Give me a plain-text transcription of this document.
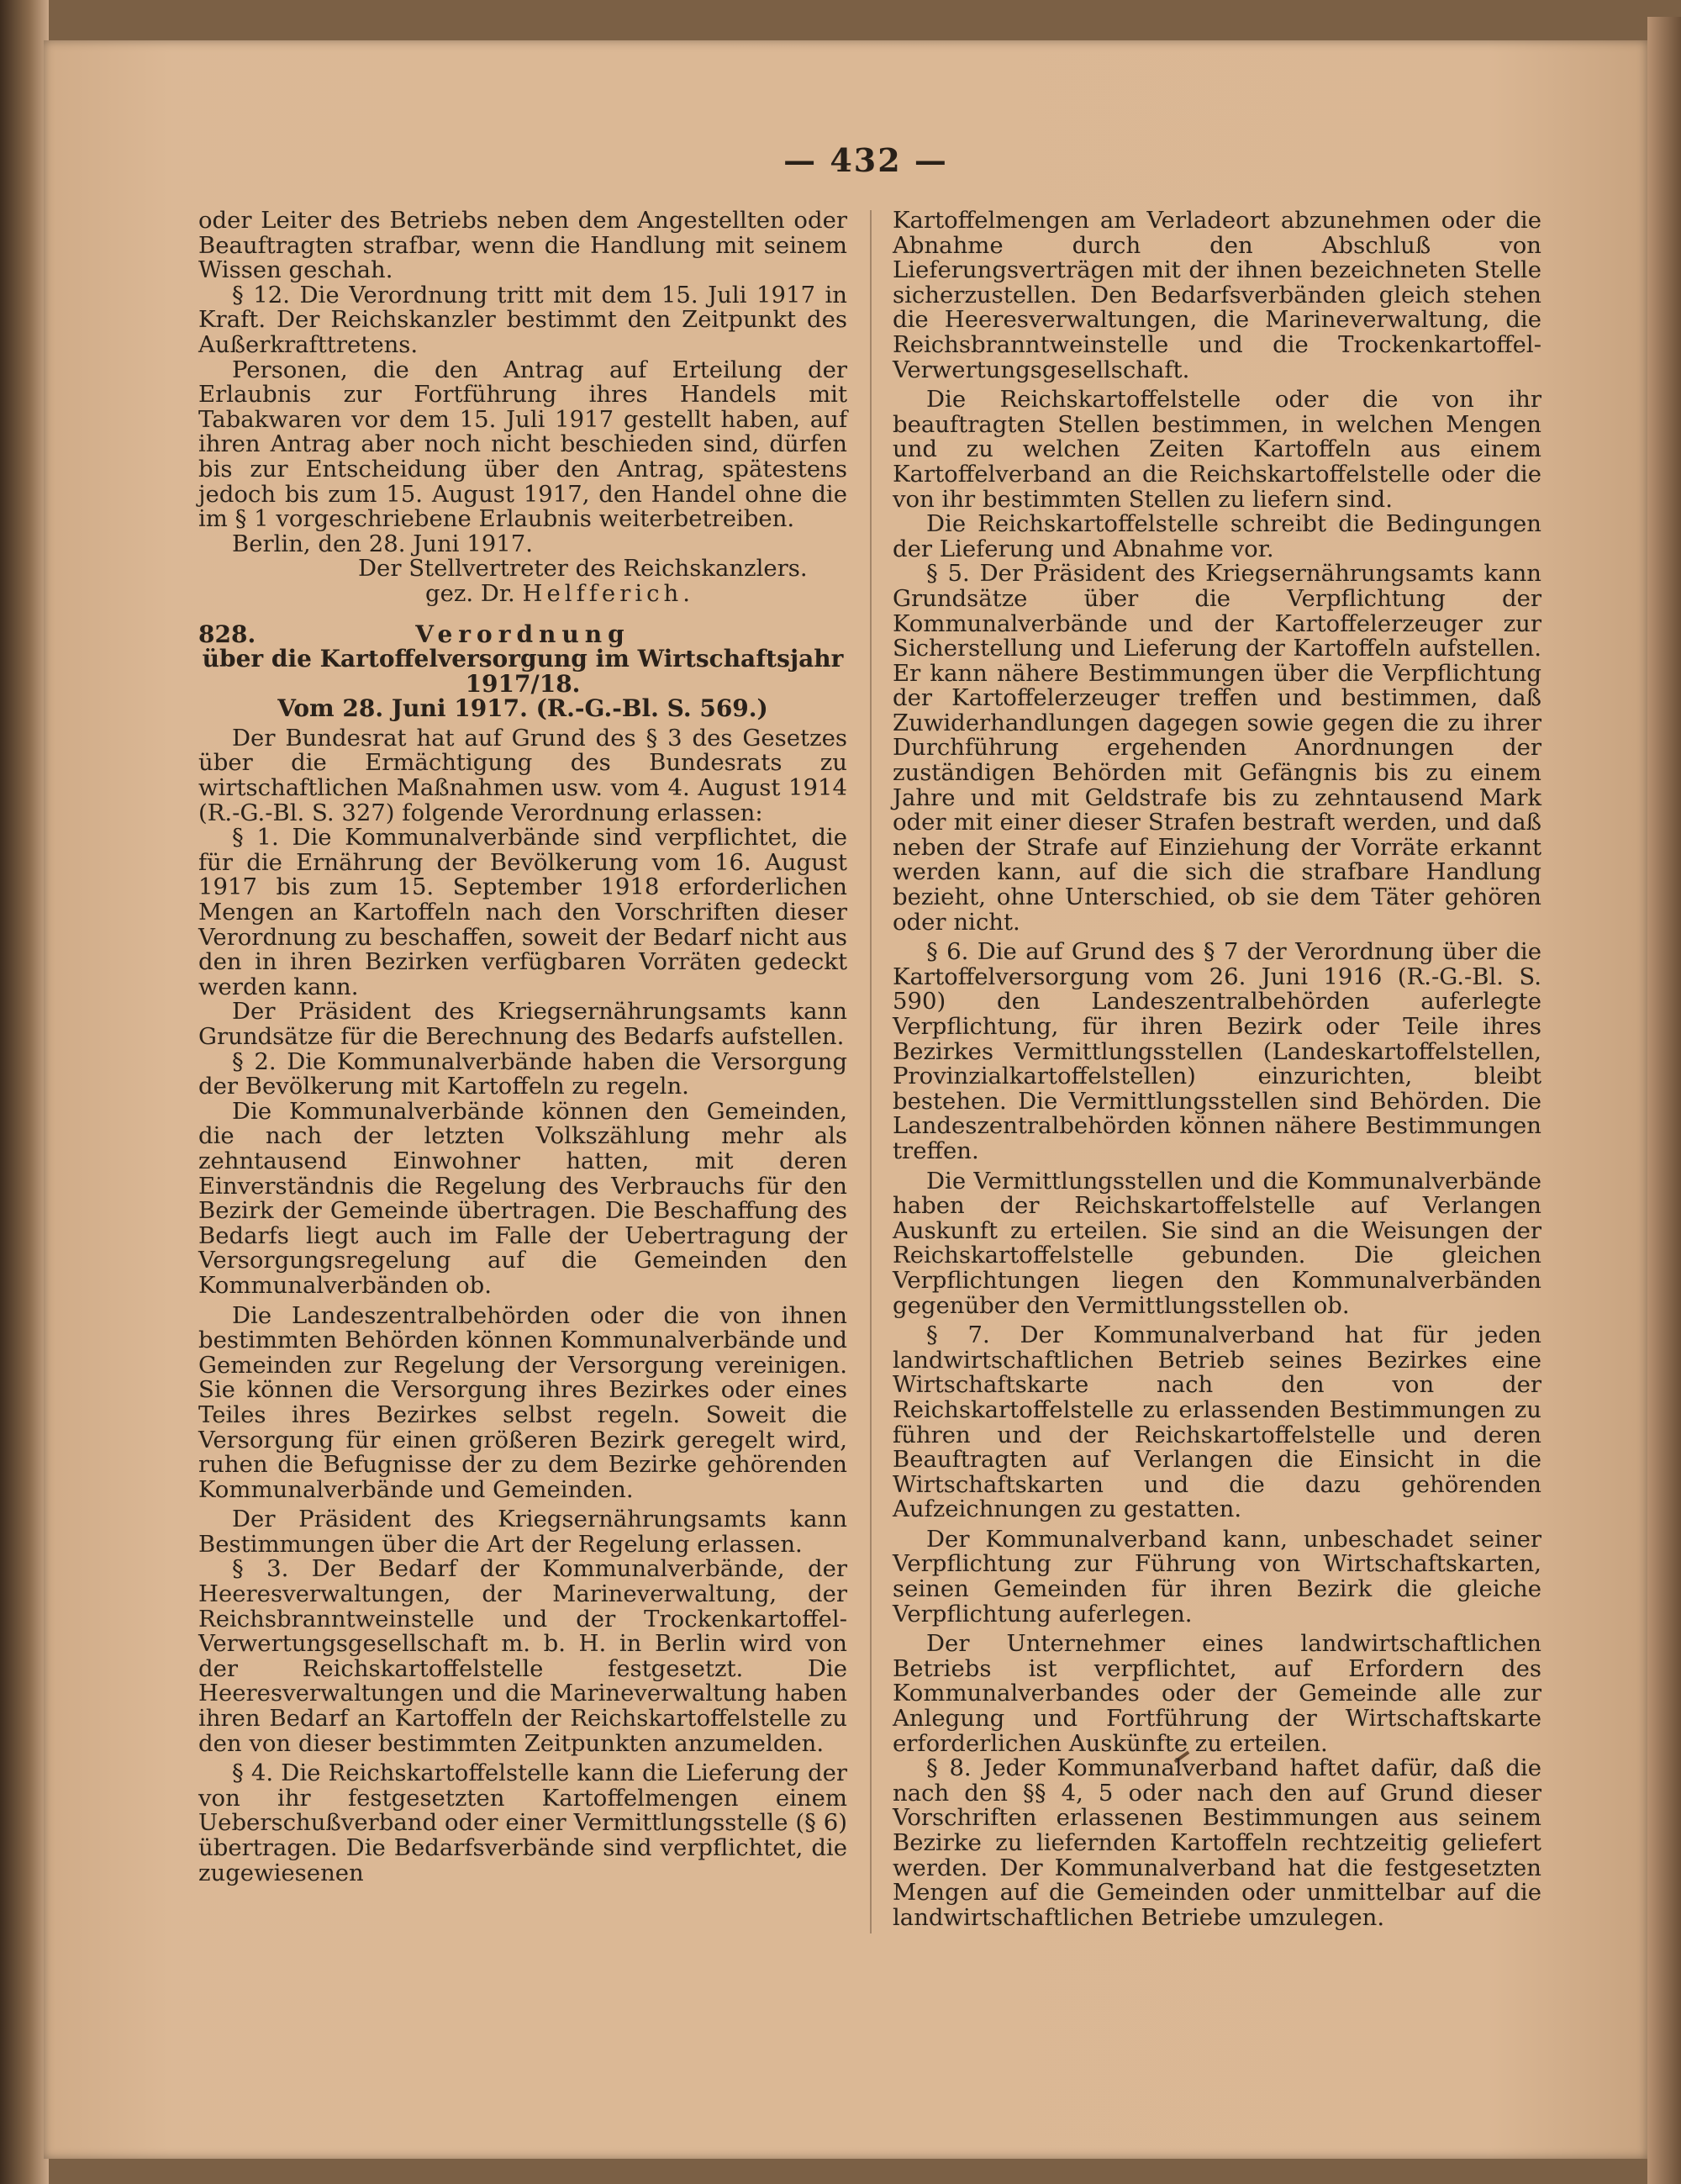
— 432 —

oder Leiter des Betriebs neben dem Angestellten oder Beauftragten strafbar, wenn die Handlung mit seinem Wissen geschah.

§ 12. Die Verordnung tritt mit dem 15. Juli 1917 in Kraft. Der Reichskanzler bestimmt den Zeitpunkt des Außerkrafttretens.

Personen, die den Antrag auf Erteilung der Erlaubnis zur Fortführung ihres Handels mit Tabakwaren vor dem 15. Juli 1917 gestellt haben, auf ihren Antrag aber noch nicht beschieden sind, dürfen bis zur Entscheidung über den Antrag, spätestens jedoch bis zum 15. August 1917, den Handel ohne die im § 1 vorgeschriebene Erlaubnis weiterbetreiben.

Berlin, den 28. Juni 1917.

Der Stellvertreter des Reichskanzlers.

gez. Dr. Helfferich.

828.	Verordnung

über die Kartoffelversorgung im Wirtschaftsjahr 1917/18.

Vom 28. Juni 1917. (R.-G.-Bl. S. 569.)

Der Bundesrat hat auf Grund des § 3 des Gesetzes über die Ermächtigung des Bundesrats zu wirtschaftlichen Maßnahmen usw. vom 4. August 1914 (R.-G.-Bl. S. 327) folgende Verordnung erlassen:

§ 1. Die Kommunalverbände sind verpflichtet, die für die Ernährung der Bevölkerung vom 16. August 1917 bis zum 15. September 1918 erforderlichen Mengen an Kartoffeln nach den Vorschriften dieser Verordnung zu beschaffen, soweit der Bedarf nicht aus den in ihren Bezirken verfügbaren Vorräten gedeckt werden kann.

Der Präsident des Kriegsernährungsamts kann Grundsätze für die Berechnung des Bedarfs aufstellen.

§ 2. Die Kommunalverbände haben die Versorgung der Bevölkerung mit Kartoffeln zu regeln.

Die Kommunalverbände können den Gemeinden, die nach der letzten Volkszählung mehr als zehntausend Einwohner hatten, mit deren Einverständnis die Regelung des Verbrauchs für den Bezirk der Gemeinde übertragen. Die Beschaffung des Bedarfs liegt auch im Falle der Uebertragung der Versorgungsregelung auf die Gemeinden den Kommunalverbänden ob.

Die Landeszentralbehörden oder die von ihnen bestimmten Behörden können Kommunalverbände und Gemeinden zur Regelung der Versorgung vereinigen. Sie können die Versorgung ihres Bezirkes oder eines Teiles ihres Bezirkes selbst regeln. Soweit die Versorgung für einen größeren Bezirk geregelt wird, ruhen die Befugnisse der zu dem Bezirke gehörenden Kommunalverbände und Gemeinden.

Der Präsident des Kriegsernährungsamts kann Bestimmungen über die Art der Regelung erlassen.

§ 3. Der Bedarf der Kommunalverbände, der Heeresverwaltungen, der Marineverwaltung, der Reichsbranntweinstelle und der Trockenkartoffel-Verwertungsgesellschaft m. b. H. in Berlin wird von der Reichskartoffelstelle festgesetzt. Die Heeresverwaltungen und die Marineverwaltung haben ihren Bedarf an Kartoffeln der Reichskartoffelstelle zu den von dieser bestimmten Zeitpunkten anzumelden.

§ 4. Die Reichskartoffelstelle kann die Lieferung der von ihr festgesetzten Kartoffelmengen einem Ueberschußverband oder einer Vermittlungsstelle (§ 6) übertragen. Die Bedarfsverbände sind verpflichtet, die zugewiesenen

Kartoffelmengen am Verladeort abzunehmen oder die Abnahme durch den Abschluß von Lieferungsverträgen mit der ihnen bezeichneten Stelle sicherzustellen. Den Bedarfsverbänden gleich stehen die Heeresverwaltungen, die Marineverwaltung, die Reichsbranntweinstelle und die Trockenkartoffel-Verwertungsgesellschaft.

Die Reichskartoffelstelle oder die von ihr beauftragten Stellen bestimmen, in welchen Mengen und zu welchen Zeiten Kartoffeln aus einem Kartoffelverband an die Reichskartoffelstelle oder die von ihr bestimmten Stellen zu liefern sind.

Die Reichskartoffelstelle schreibt die Bedingungen der Lieferung und Abnahme vor.

§ 5. Der Präsident des Kriegsernährungsamts kann Grundsätze über die Verpflichtung der Kommunalverbände und der Kartoffelerzeuger zur Sicherstellung und Lieferung der Kartoffeln aufstellen. Er kann nähere Bestimmungen über die Verpflichtung der Kartoffelerzeuger treffen und bestimmen, daß Zuwiderhandlungen dagegen sowie gegen die zu ihrer Durchführung ergehenden Anordnungen der zuständigen Behörden mit Gefängnis bis zu einem Jahre und mit Geldstrafe bis zu zehntausend Mark oder mit einer dieser Strafen bestraft werden, und daß neben der Strafe auf Einziehung der Vorräte erkannt werden kann, auf die sich die strafbare Handlung bezieht, ohne Unterschied, ob sie dem Täter gehören oder nicht.

§ 6. Die auf Grund des § 7 der Verordnung über die Kartoffelversorgung vom 26. Juni 1916 (R.-G.-Bl. S. 590) den Landeszentralbehörden auferlegte Verpflichtung, für ihren Bezirk oder Teile ihres Bezirkes Vermittlungsstellen (Landeskartoffelstellen, Provinzialkartoffelstellen) einzurichten, bleibt bestehen. Die Vermittlungsstellen sind Behörden. Die Landeszentralbehörden können nähere Bestimmungen treffen.

Die Vermittlungsstellen und die Kommunalverbände haben der Reichskartoffelstelle auf Verlangen Auskunft zu erteilen. Sie sind an die Weisungen der Reichskartoffelstelle gebunden. Die gleichen Verpflichtungen liegen den Kommunalverbänden gegenüber den Vermittlungsstellen ob.

§ 7. Der Kommunalverband hat für jeden landwirtschaftlichen Betrieb seines Bezirkes eine Wirtschaftskarte nach den von der Reichskartoffelstelle zu erlassenden Bestimmungen zu führen und der Reichskartoffelstelle und deren Beauftragten auf Verlangen die Einsicht in die Wirtschaftskarten und die dazu gehörenden Aufzeichnungen zu gestatten.

Der Kommunalverband kann, unbeschadet seiner Verpflichtung zur Führung von Wirtschaftskarten, seinen Gemeinden für ihren Bezirk die gleiche Verpflichtung auferlegen.

Der Unternehmer eines landwirtschaftlichen Betriebs ist verpflichtet, auf Erfordern des Kommunalverbandes oder der Gemeinde alle zur Anlegung und Fortführung der Wirtschaftskarte erforderlichen Auskünfte zu erteilen.

§ 8. Jeder Kommunalverband haftet dafür, daß die nach den §§ 4, 5 oder nach den auf Grund dieser Vorschriften erlassenen Bestimmungen aus seinem Bezirke zu liefernden Kartoffeln rechtzeitig geliefert werden. Der Kommunalverband hat die festgesetzten Mengen auf die Gemeinden oder unmittelbar auf die landwirtschaftlichen Betriebe umzulegen.
